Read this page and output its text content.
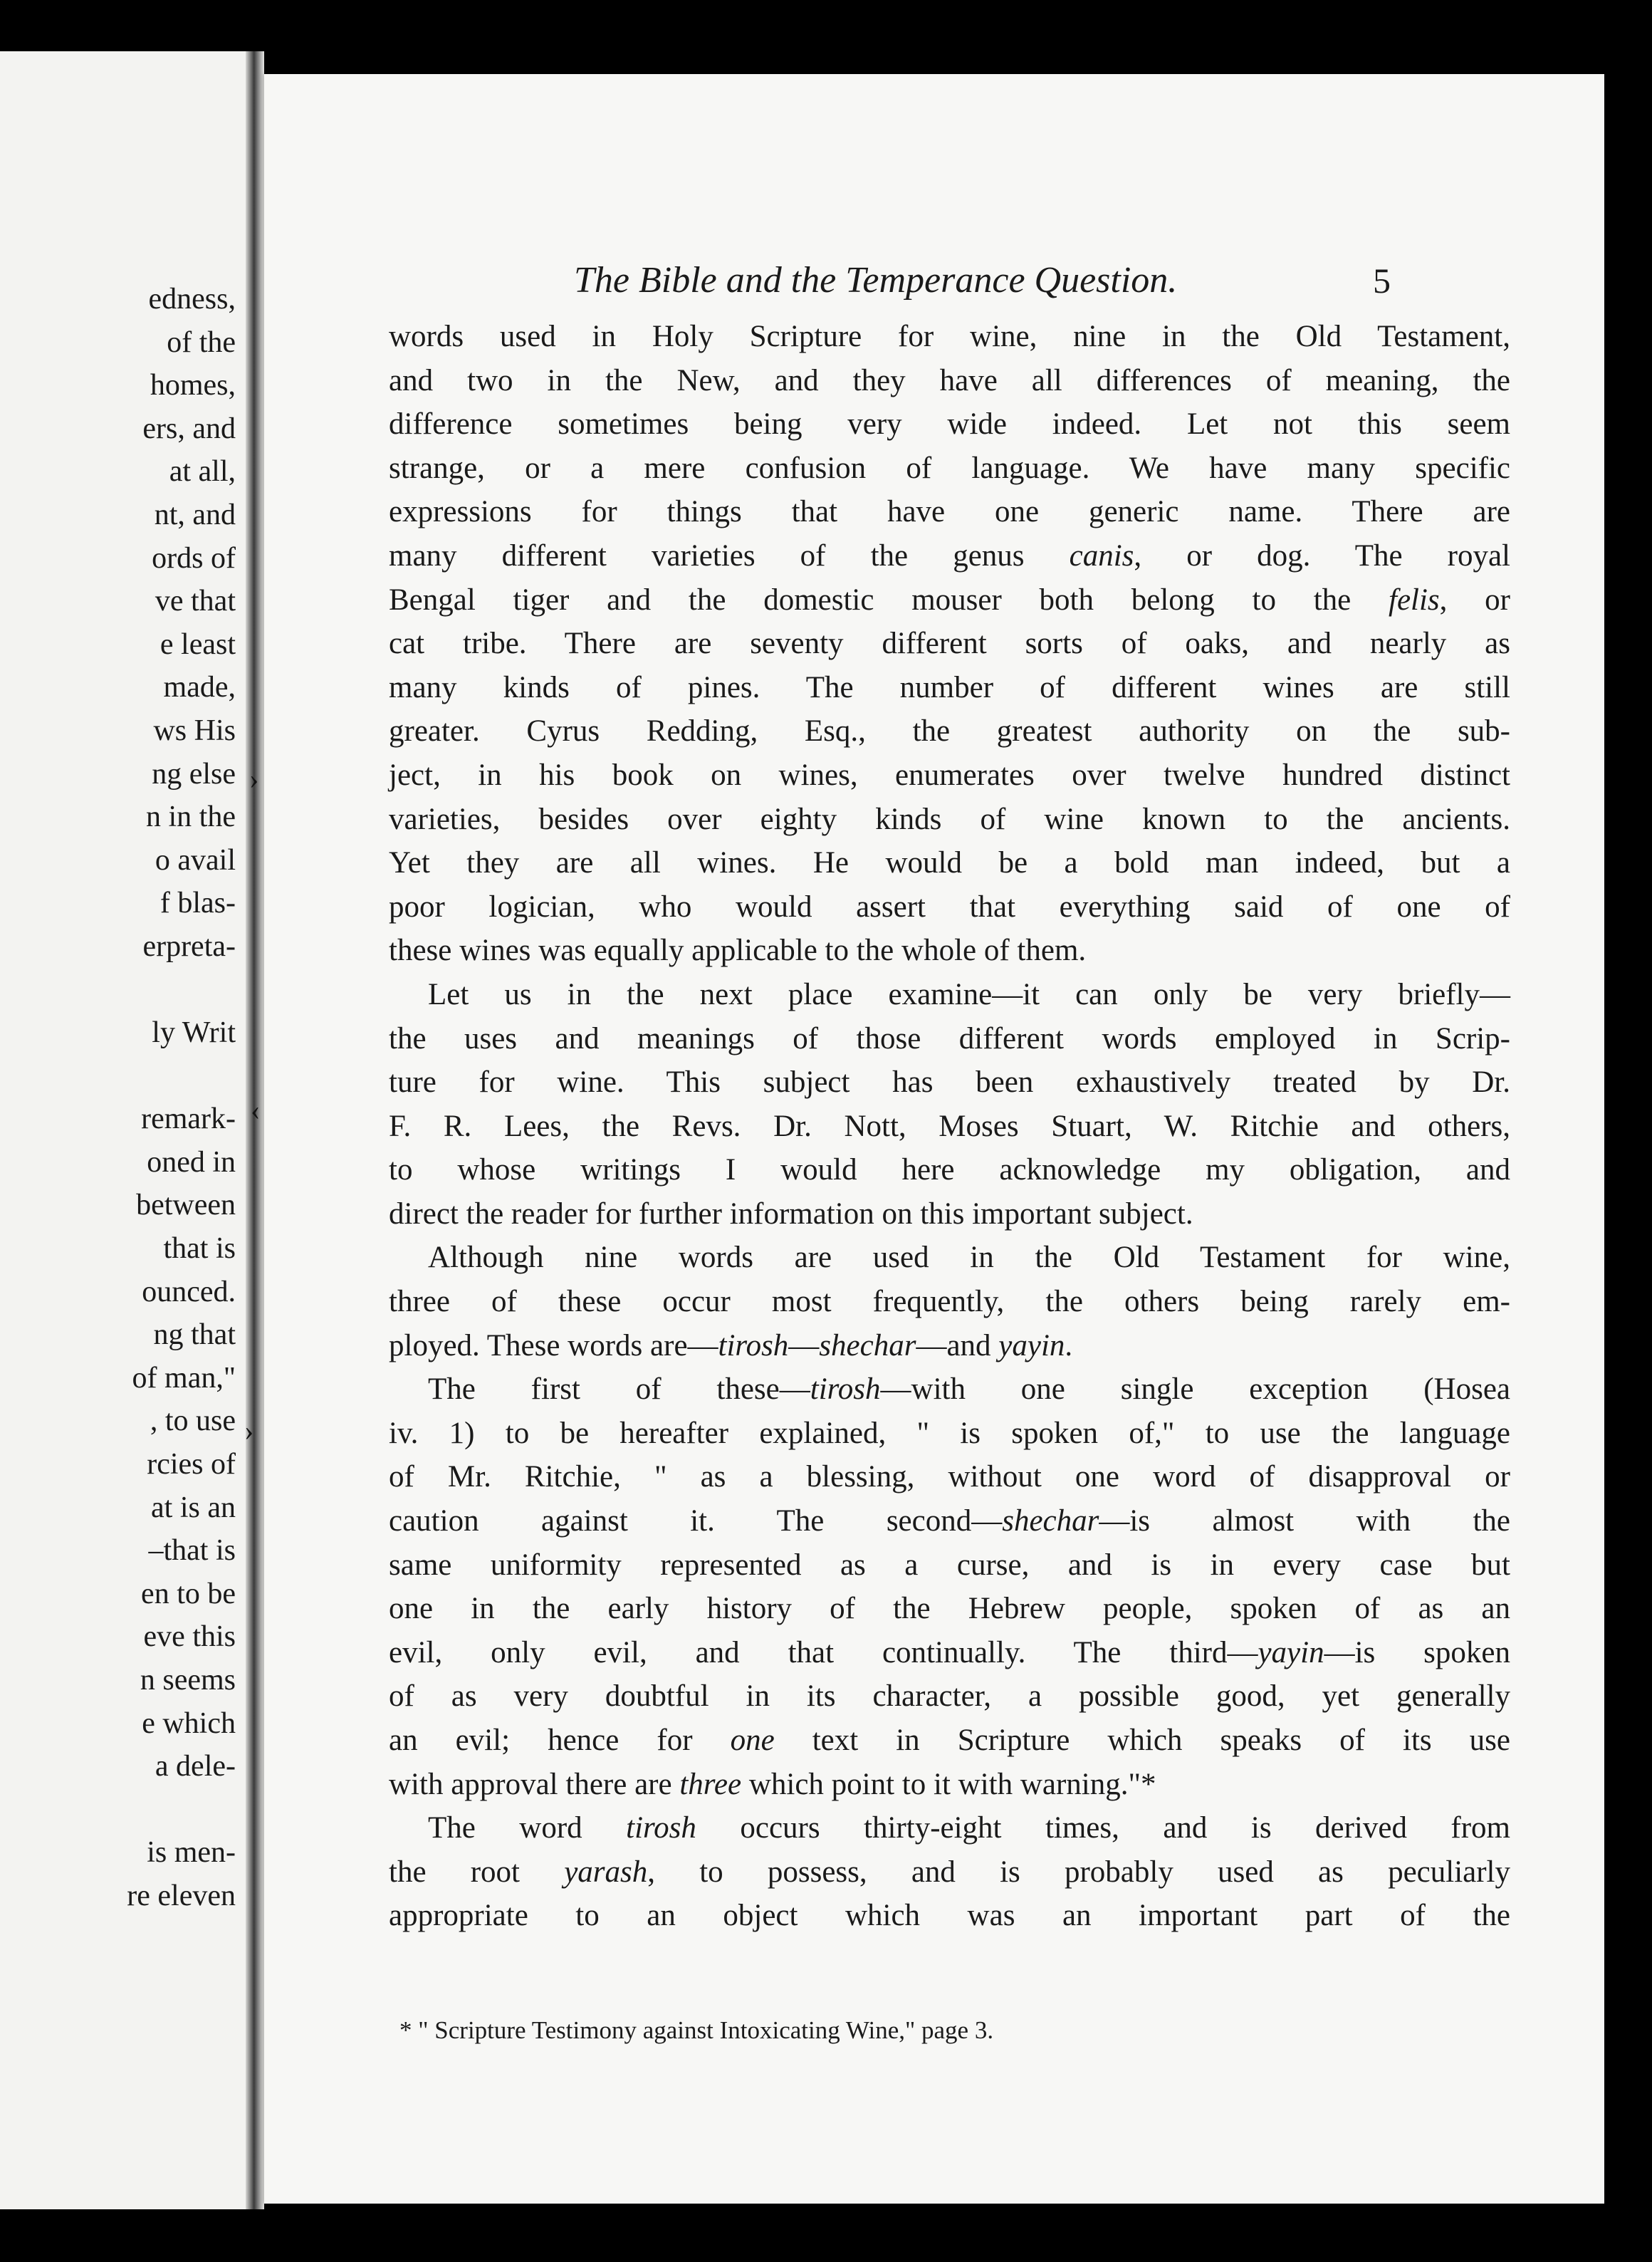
edness,
of the
homes,
ers, and
at all,
nt, and
ords of
ve that
e least
made,
ws His
ng else
n in the
o avail
f blas-
erpreta-
ly Writ
remark-
oned in
between
that is
ounced.
ng that
of man,"
, to use
rcies of
at is an
–that is
en to be
eve this
n seems
e which
a dele-
is men-
re eleven
The Bible and the Temperance Question.	5

words used in Holy Scripture for wine, nine in the Old Testament,

and two in the New, and they have all differences of meaning, the

difference sometimes being very wide indeed. Let not this seem

strange, or a mere confusion of language. We have many specific

expressions for things that have one generic name. There are

many different varieties of the genus canis, or dog. The royal

Bengal tiger and the domestic mouser both belong to the felis, or

cat tribe. There are seventy different sorts of oaks, and nearly as

many kinds of pines. The number of different wines are still

greater. Cyrus Redding, Esq., the greatest authority on the sub-

ject, in his book on wines, enumerates over twelve hundred distinct

varieties, besides over eighty kinds of wine known to the ancients.

Yet they are all wines. He would be a bold man indeed, but a

poor logician, who would assert that everything said of one of

these wines was equally applicable to the whole of them.

Let us in the next place examine—it can only be very briefly—

the uses and meanings of those different words employed in Scrip-

ture for wine. This subject has been exhaustively treated by Dr.

F. R. Lees, the Revs. Dr. Nott, Moses Stuart, W. Ritchie and others,

to whose writings I would here acknowledge my obligation, and

direct the reader for further information on this important subject.

Although nine words are used in the Old Testament for wine,

three of these occur most frequently, the others being rarely em-

ployed. These words are—tirosh—shechar—and yayin.

The first of these—tirosh—with one single exception (Hosea

iv. 1) to be hereafter explained, " is spoken of," to use the language

of Mr. Ritchie, " as a blessing, without one word of disapproval or

caution against it. The second—shechar—is almost with the

same uniformity represented as a curse, and is in every case but

one in the early history of the Hebrew people, spoken of as an

evil, only evil, and that continually. The third—yayin—is spoken

of as very doubtful in its character, a possible good, yet generally

an evil; hence for one text in Scripture which speaks of its use

with approval there are three which point to it with warning."*

The word tirosh occurs thirty-eight times, and is derived from

the root yarash, to possess, and is probably used as peculiarly

appropriate to an object which was an important part of the

* " Scripture Testimony against Intoxicating Wine," page 3.
›
‹
›
